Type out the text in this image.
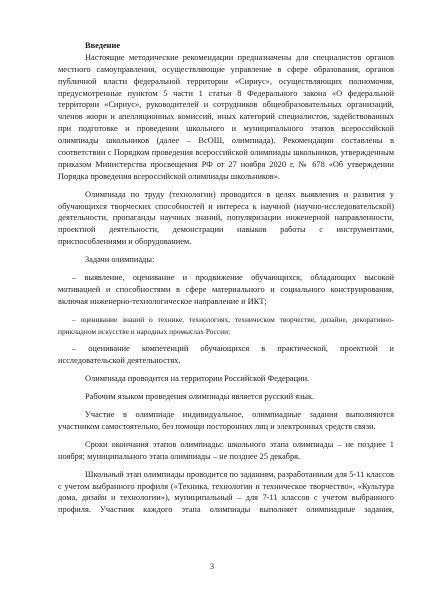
Введение
Настоящие методические рекомендации предназначены для специалистов органов
местного самоуправления, осуществляющие управление в сфере образования, органов
публичной власти федеральной территории «Сириус», осуществляющих полномочия,
предусмотренные пунктом 5 части 1 статьи 8 Федерального закона «О федеральной
территории «Сириус», руководителей и сотрудников общеобразовательных организаций,
членов жюри и апелляционных комиссий, иных категорий специалистов, задействованных
при подготовке и проведении школьного и муниципального этапов всероссийской
олимпиады школьников (далее – ВсОШ, олимпиада). Рекомендации составлены в
соответствии с Порядком проведения всероссийской олимпиады школьников, утвержденным
приказом Министерства просвещения РФ от 27 ноября 2020 г. № 678 «Об утверждении
Порядка проведения всероссийской олимпиады школьников».
Олимпиада по труду (технологии) проводится в целях выявления и развития у
обучающихся творческих способностей и интереса к научной (научно-исследовательской)
деятельности, пропаганды научных знаний, популяризации инженерной направленности,
проектной деятельности, демонстрации навыков работы с инструментами,
приспособлениями и оборудованием.
Задачи олимпиады:
– выявление, оценивание и продвижение обучающихся, обладающих высокой
мотивацией и способностями в сфере материального и социального конструирования,
включая инженерно-технологическое направление и ИКТ;
– оценивание знаний о технике, технологиях, техническом творчестве, дизайне, декоративно-
прикладном искусстве и народных промыслах России;
– оценивание компетенций обучающихся в практической, проектной и
исследовательской деятельностях.
Олимпиада проводится на территории Российской Федерации.
Рабочим языком проведения олимпиады является русский язык.
Участие в олимпиаде индивидуальное, олимпиадные задания выполняются
участником самостоятельно, без помощи посторонних лиц и электронных средств связи.
Сроки окончания этапов олимпиады: школьного этапа олимпиады – не позднее 1
ноября; муниципального этапа олимпиады – не позднее 25 декабря.
Школьный этап олимпиады проводится по заданиям, разработанным для 5-11 классов
с учетом выбранного профиля («Техника, технологии и техническое творчество», «Культура
дома, дизайн и технологии»), муниципальный – для 7-11 классов с учетом выбранного
профиля. Участник каждого этапа олимпиады выполняет олимпиадные задания,
3
